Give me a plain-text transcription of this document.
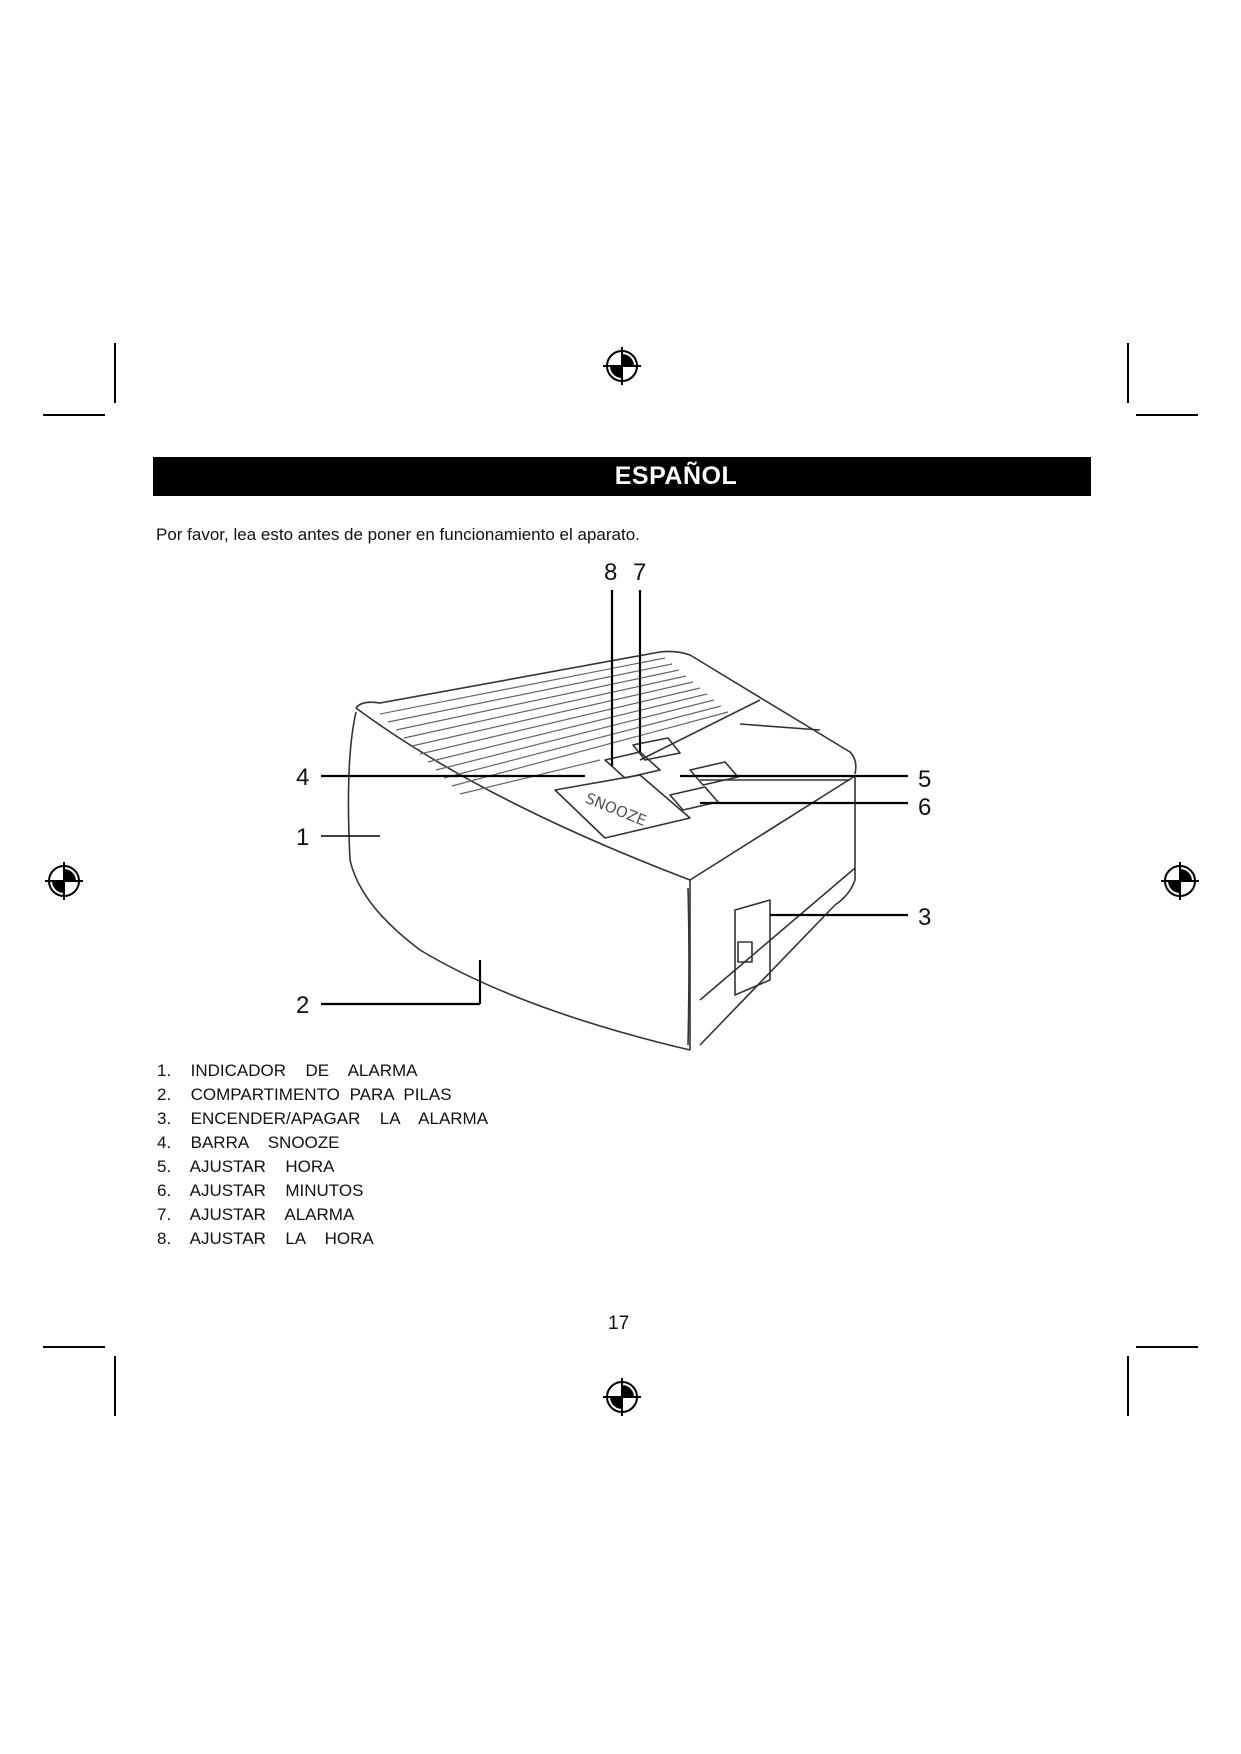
ESPAÑOL
Por favor, lea esto antes de poner en funcionamiento el aparato.
SNOOZE
8 7
4	5
6
1
3
2
1.  INDICADOR  DE  ALARMA
2.  COMPARTIMENTO PARA PILAS
3.  ENCENDER/APAGAR  LA  ALARMA
4.  BARRA  SNOOZE
5.  AJUSTAR  HORA
6.  AJUSTAR  MINUTOS
7.  AJUSTAR  ALARMA
8.  AJUSTAR  LA  HORA
17
